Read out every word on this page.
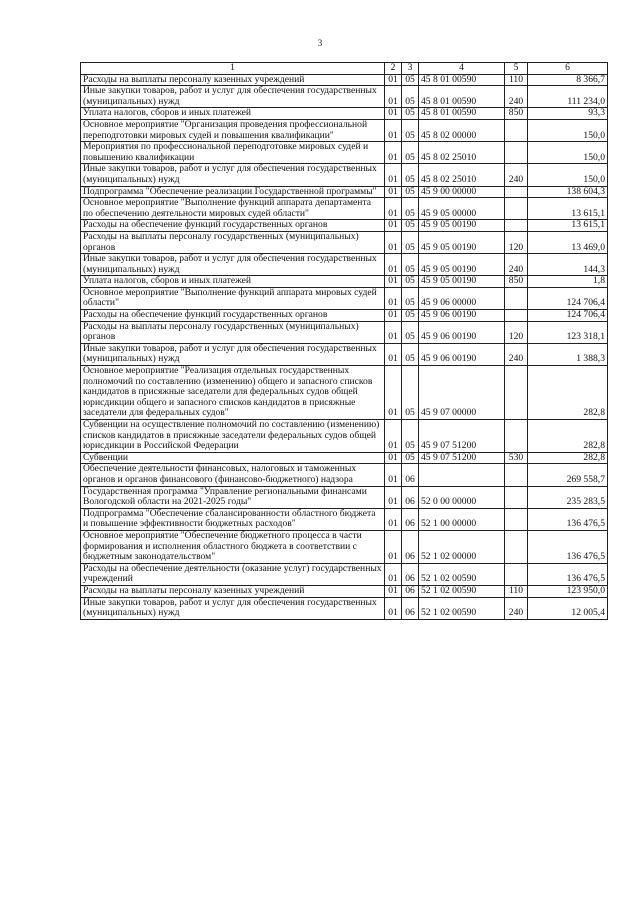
3
1	2	3	4	5	6
Расходы на выплаты персоналу казенных учреждений	01	05	45 8 01 00590	110	8 366,7
Иные закупки товаров, работ и услуг для обеспечения государственных (муниципальных) нужд	01	05	45 8 01 00590	240	111 234,0
Уплата налогов, сборов и иных платежей	01	05	45 8 01 00590	850	93,3
Основное мероприятие "Организация проведения профессиональной переподготовки мировых судей и повышения квалификации"	01	05	45 8 02 00000		150,0
Мероприятия по профессиональной переподготовке мировых судей и повышению квалификации	01	05	45 8 02 25010		150,0
Иные закупки товаров, работ и услуг для обеспечения государственных (муниципальных) нужд	01	05	45 8 02 25010	240	150,0
Подпрограмма "Обеспечение реализации Государственной программы"	01	05	45 9 00 00000		138 604,3
Основное мероприятие "Выполнение функций аппарата департамента по обеспечению деятельности мировых судей области"	01	05	45 9 05 00000		13 615,1
Расходы на обеспечение функций государственных органов	01	05	45 9 05 00190		13 615,1
Расходы на выплаты персоналу государственных (муниципальных) органов	01	05	45 9 05 00190	120	13 469,0
Иные закупки товаров, работ и услуг для обеспечения государственных (муниципальных) нужд	01	05	45 9 05 00190	240	144,3
Уплата налогов, сборов и иных платежей	01	05	45 9 05 00190	850	1,8
Основное мероприятие "Выполнение функций аппарата мировых судей области"	01	05	45 9 06 00000		124 706,4
Расходы на обеспечение функций государственных органов	01	05	45 9 06 00190		124 706,4
Расходы на выплаты персоналу государственных (муниципальных) органов	01	05	45 9 06 00190	120	123 318,1
Иные закупки товаров, работ и услуг для обеспечения государственных (муниципальных) нужд	01	05	45 9 06 00190	240	1 388,3
Основное мероприятие "Реализация отдельных государственных полномочий по составлению (изменению) общего и запасного списков кандидатов в присяжные заседатели для федеральных судов общей юрисдикции общего и запасного списков кандидатов в присяжные заседатели для федеральных судов"	01	05	45 9 07 00000		282,8
Субвенции на осуществление полномочий по составлению (изменению) списков кандидатов в присяжные заседатели федеральных судов общей юрисдикции в Российской Федерации	01	05	45 9 07 51200		282,8
Субвенции	01	05	45 9 07 51200	530	282,8
Обеспечение деятельности финансовых, налоговых и таможенных органов и органов финансового (финансово-бюджетного) надзора	01	06			269 558,7
Государственная программа "Управление региональными финансами Вологодской области на 2021-2025 годы"	01	06	52 0 00 00000		235 283,5
Подпрограмма "Обеспечение сбалансированности областного бюджета и повышение эффективности бюджетных расходов"	01	06	52 1 00 00000		136 476,5
Основное мероприятие "Обеспечение бюджетного процесса в части формирования и исполнения областного бюджета в соответствии с бюджетным законодательством"	01	06	52 1 02 00000		136 476,5
Расходы на обеспечение деятельности (оказание услуг) государственных учреждений	01	06	52 1 02 00590		136 476,5
Расходы на выплаты персоналу казенных учреждений	01	06	52 1 02 00590	110	123 950,0
Иные закупки товаров, работ и услуг для обеспечения государственных (муниципальных) нужд	01	06	52 1 02 00590	240	12 005,4
